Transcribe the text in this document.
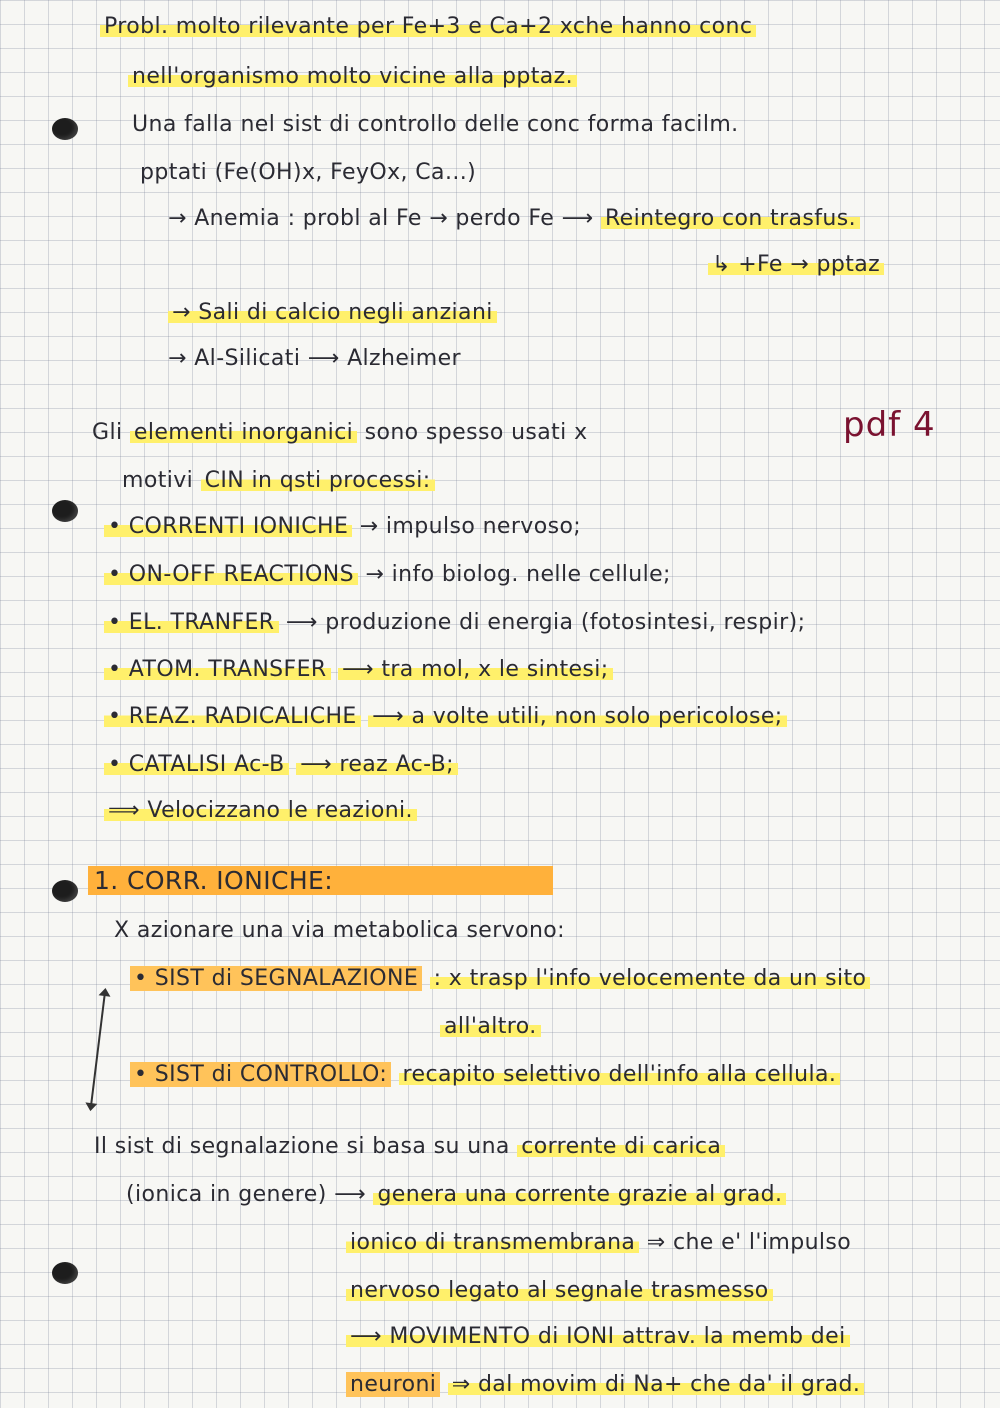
Probl. molto rilevante per Fe+3 e Ca+2 xche hanno conc
nell'organismo molto vicine alla pptaz.
Una falla nel sist di controllo delle conc forma facilm.
pptati (Fe(OH)x, FeyOx, Ca...)
→ Anemia : probl al Fe → perdo Fe ⟶ Reintegro con trasfus.
↳ +Fe → pptaz
→ Sali di calcio negli anziani
→ Al-Silicati ⟶ Alzheimer
Gli elementi inorganici sono spesso usati x	pdf 4
motivi CIN in qsti processi:
• CORRENTI IONICHE → impulso nervoso;
• ON-OFF REACTIONS → info biolog. nelle cellule;
• EL. TRANFER ⟶ produzione di energia (fotosintesi, respir);
• ATOM. TRANSFER ⟶ tra mol, x le sintesi;
• REAZ. RADICALICHE ⟶ a volte utili, non solo pericolose;
• CATALISI Ac-B ⟶ reaz Ac-B;
⟹ Velocizzano le reazioni.
1. CORR. IONICHE:
X azionare una via metabolica servono:
• SIST di SEGNALAZIONE : x trasp l'info velocemente da un sito
all'altro.
• SIST di CONTROLLO: recapito selettivo dell'info alla cellula.
Il sist di segnalazione si basa su una corrente di carica
(ionica in genere) ⟶ genera una corrente grazie al grad.
ionico di transmembrana ⇒ che e' l'impulso
nervoso legato al segnale trasmesso
⟶ MOVIMENTO di IONI attrav. la memb dei
neuroni ⇒ dal movim di Na+ che da' il grad.
